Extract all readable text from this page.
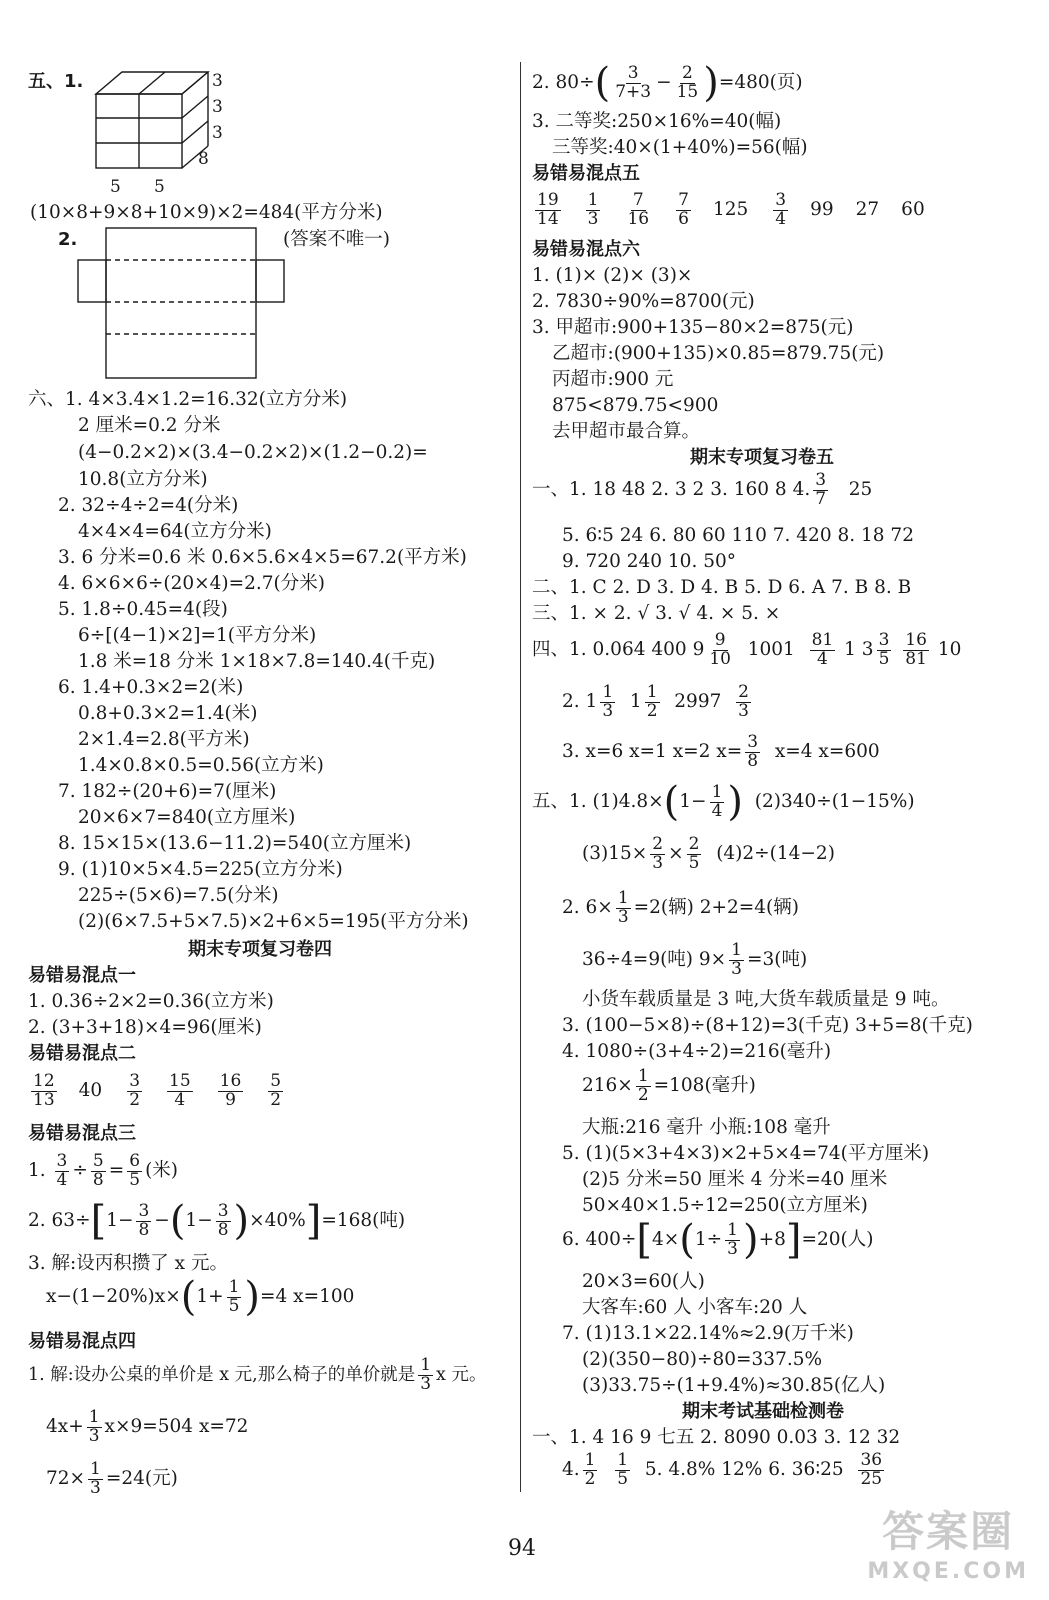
五、1.	3
3
3
8
5 5
(10×8+9×8+10×9)×2=484(平方分米)
2.	(答案不唯一)
六、1. 4×3.4×1.2=16.32(立方分米)
2 厘米=0.2 分米
(4−0.2×2)×(3.4−0.2×2)×(1.2−0.2)=
10.8(立方分米)
2. 32÷4÷2=4(分米)
4×4×4=64(立方分米)
3. 6 分米=0.6 米 0.6×5.6×4×5=67.2(平方米)
4. 6×6×6÷(20×4)=2.7(分米)
5. 1.8÷0.45=4(段)
6÷[(4−1)×2]=1(平方分米)
1.8 米=18 分米 1×18×7.8=140.4(千克)
6. 1.4+0.3×2=2(米)
0.8+0.3×2=1.4(米)
2×1.4=2.8(平方米)
1.4×0.8×0.5=0.56(立方米)
7. 182÷(20+6)=7(厘米)
20×6×7=840(立方厘米)
8. 15×15×(13.6−11.2)=540(立方厘米)
9. (1)10×5×4.5=225(立方分米)
225÷(5×6)=7.5(分米)
(2)(6×7.5+5×7.5)×2+6×5=195(平方分米)
期末专项复习卷四
易错易混点一
1. 0.36÷2×2=0.36(立方米)
2. (3+3+18)×4=96(厘米)
易错易混点二
$\frac{12}{13} 40 \frac{3}{2} \frac{15}{4} \frac{16}{9} \frac{5}{2}$
易错易混点三
1. $\frac{3}{4} \div \frac{5}{8} = \frac{6}{5}$ (米)
2. $63\div[1- \frac{3}{8} -(1- \frac{3}{8} )\times 40\%]=168$(吨)
3. 解:设丙积攒了 x 元。
$x-(1-20\%)x\times(1+ \frac{1}{5} )=4$ x=100
易错易混点四
1. 解:设办公桌的单价是 x 元,那么椅子的单价就是 $\frac{1}{3}$ x 元。
$4x+ \frac{1}{3} x\times 9=504$ x=72
$72\times \frac{1}{3} =24$(元)
2. $80\div( \frac{3}{7+3} - \frac{2}{15} )=480$(页)
3. 二等奖:250×16%=40(幅)
三等奖:40×(1+40%)=56(幅)
易错易混点五
$\frac{19}{14} \frac{1}{3} \frac{7}{16} \frac{7}{6} 125 \frac{3}{4} 99$ 27 60
易错易混点六
1. (1)× (2)× (3)×
2. 7830÷90%=8700(元)
3. 甲超市:900+135−80×2=875(元)
乙超市:(900+135)×0.85=879.75(元)
丙超市:900 元
875<879.75<900
去甲超市最合算。
期末专项复习卷五
一、1. 18 48 2. 3 2 3. 160 8 4. $\frac{3}{7} 25$
5. 6∶5 24 6. 80 60 110 7. 420 8. 18 72
9. 720 240 10. 50°
二、1. C 2. D 3. D 4. B 5. D 6. A 7. B 8. B
三、1. × 2. √ 3. √ 4. × 5. ×
四、1. 0.064 400 $9 \frac{9}{10} 1001 \frac{81}{4} 1$ $3 \frac{3}{5}$
$\frac{16}{81} 10$
2. $1 \frac{1}{3} 1 \frac{1}{2} 2997 \frac{2}{3}$
3. x=6 x=1 x=2 $x= \frac{3}{8} x=4$ x=600
五、1. $(1)4.8\times(1- \frac{1}{4}$ ) (2)340÷(1−15%)
$(3)15\times \frac{2}{3} \times \frac{2}{5} (4)2\div(14-2)$
2. $6\times \frac{1}{3} =2$(辆) 2+2=4(辆)
36÷4=9(吨) $9\times \frac{1}{3} =3$(吨)
小货车载质量是 3 吨,大货车载质量是 9 吨。
3. (100−5×8)÷(8+12)=3(千克) 3+5=8(千克)
4. 1080÷(3+4÷2)=216(毫升)
$216\times \frac{1}{2} =108$(毫升)
大瓶:216 毫升 小瓶:108 毫升
5. (1)(5×3+4×3)×2+5×4=74(平方厘米)
(2)5 分米=50 厘米 4 分米=40 厘米
50×40×1.5÷12=250(立方厘米)
6. $400\div[4\times(1\div \frac{1}{3} )+8]=20$(人)
20×3=60(人)
大客车:60 人 小客车:20 人
7. (1)13.1×22.14%≈2.9(万千米)
(2)(350−80)÷80=337.5%
(3)33.75÷(1+9.4%)≈30.85(亿人)
期末考试基础检测卷
一、1. 4 16 9 七五 2. 8090 0.03 3. 12 32
4. $\frac{1}{2}$
$\frac{1}{5} 5$. 4.8% 12% 6. 36∶25 $\frac{36}{25}$
94	答案圈
MXQE.COM
